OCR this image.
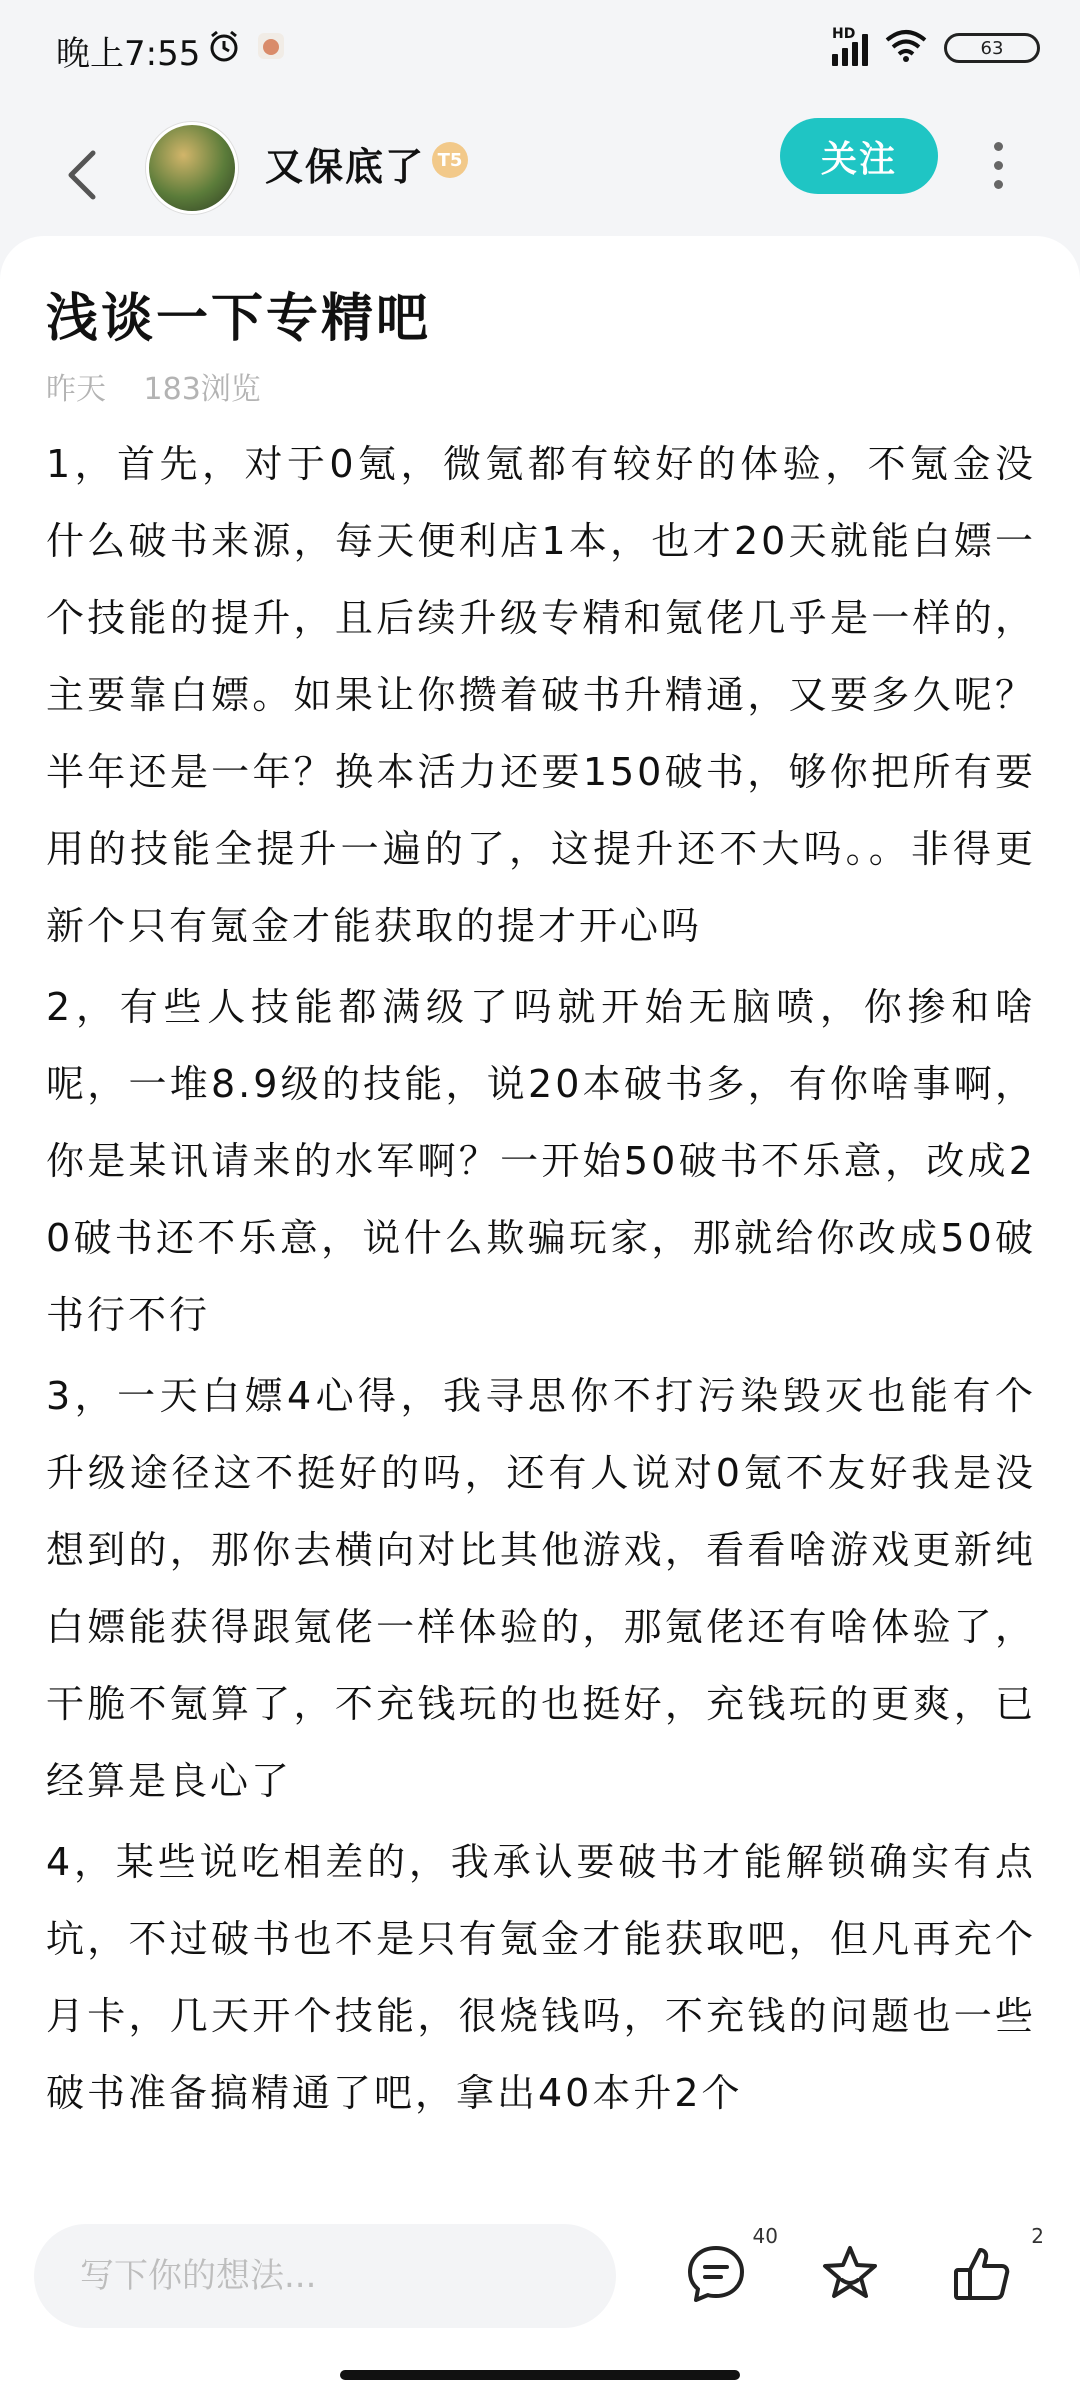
晚上7:55	HD
63
又保底了 T5	关注
浅谈一下专精吧
昨天 183浏览

1，首先，对于0氪，微氪都有较好的体验，不氪金没什么破书来源，每天便利店1本，也才20天就能白嫖一个技能的提升，且后续升级专精和氪佬几乎是一样的，主要靠白嫖。如果让你攒着破书升精通，又要多久呢？半年还是一年？换本活力还要150破书，够你把所有要用的技能全提升一遍的了，这提升还不大吗。。非得更新个只有氪金才能获取的提才开心吗

2，有些人技能都满级了吗就开始无脑喷，你掺和啥呢，一堆8.9级的技能，说20本破书多，有你啥事啊，你是某讯请来的水军啊？一开始50破书不乐意，改成20破书还不乐意，说什么欺骗玩家，那就给你改成50破书行不行

3，一天白嫖4心得，我寻思你不打污染毁灭也能有个升级途径这不挺好的吗，还有人说对0氪不友好我是没想到的，那你去横向对比其他游戏，看看啥游戏更新纯白嫖能获得跟氪佬一样体验的，那氪佬还有啥体验了，干脆不氪算了，不充钱玩的也挺好，充钱玩的更爽，已经算是良心了

4，某些说吃相差的，我承认要破书才能解锁确实有点坑，不过破书也不是只有氪金才能获取吧，但凡再充个月卡，几天开个技能，很烧钱吗，不充钱的问题也一些破书准备搞精通了吧，拿出40本升2个

写下你的想法...
40	2
